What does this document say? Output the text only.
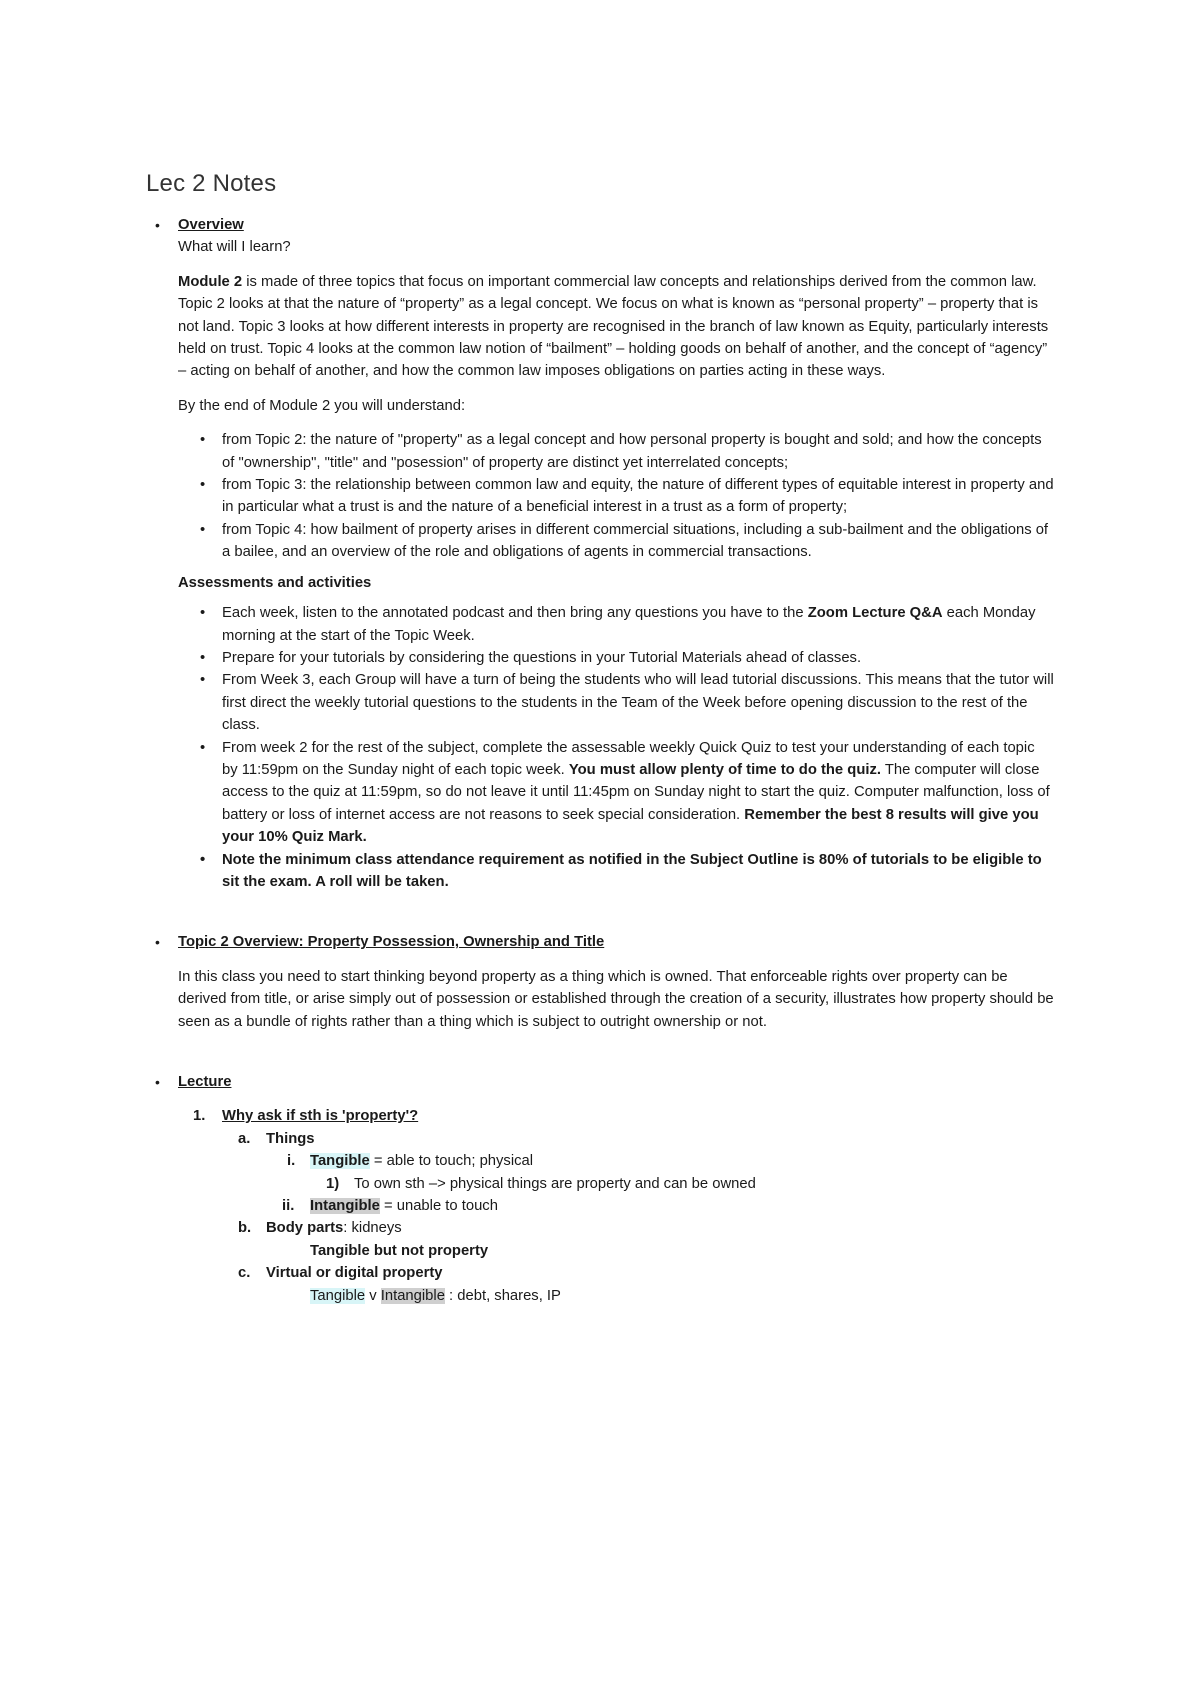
Lec 2 Notes
• Overview
What will I learn?

Module 2 is made of three topics that focus on important commercial law concepts and relationships derived from the common law. Topic 2 looks at that the nature of “property” as a legal concept. We focus on what is known as “personal property” – property that is not land. Topic 3 looks at how different interests in property are recognised in the branch of law known as Equity, particularly interests held on trust. Topic 4 looks at the common law notion of “bailment” – holding goods on behalf of another, and the concept of “agency” – acting on behalf of another, and how the common law imposes obligations on parties acting in these ways.

By the end of Module 2 you will understand:

• from Topic 2: the nature of "property" as a legal concept and how personal property is bought and sold; and how the concepts of "ownership", "title" and "posession" of property are distinct yet interrelated concepts;
• from Topic 3: the relationship between common law and equity, the nature of different types of equitable interest in property and in particular what a trust is and the nature of a beneficial interest in a trust as a form of property;
• from Topic 4: how bailment of property arises in different commercial situations, including a sub-bailment and the obligations of a bailee, and an overview of the role and obligations of agents in commercial transactions.
Assessments and activities
• Each week, listen to the annotated podcast and then bring any questions you have to the Zoom Lecture Q&A each Monday morning at the start of the Topic Week.
• Prepare for your tutorials by considering the questions in your Tutorial Materials ahead of classes.
• From Week 3, each Group will have a turn of being the students who will lead tutorial discussions. This means that the tutor will first direct the weekly tutorial questions to the students in the Team of the Week before opening discussion to the rest of the class.
• From week 2 for the rest of the subject, complete the assessable weekly Quick Quiz to test your understanding of each topic by 11:59pm on the Sunday night of each topic week. You must allow plenty of time to do the quiz. The computer will close access to the quiz at 11:59pm, so do not leave it until 11:45pm on Sunday night to start the quiz. Computer malfunction, loss of battery or loss of internet access are not reasons to seek special consideration. Remember the best 8 results will give you your 10% Quiz Mark.
• Note the minimum class attendance requirement as notified in the Subject Outline is 80% of tutorials to be eligible to sit the exam. A roll will be taken.
• Topic 2 Overview: Property Possession, Ownership and Title

In this class you need to start thinking beyond property as a thing which is owned. That enforceable rights over property can be derived from title, or arise simply out of possession or established through the creation of a security, illustrates how property should be seen as a bundle of rights rather than a thing which is subject to outright ownership or not.

• Lecture
1. Why ask if sth is 'property'?
a. Things
i. Tangible = able to touch; physical
1) To own sth –> physical things are property and can be owned
ii. Intangible = unable to touch
b. Body parts: kidneys
Tangible but not property
c. Virtual or digital property
Tangible v Intangible : debt, shares, IP
